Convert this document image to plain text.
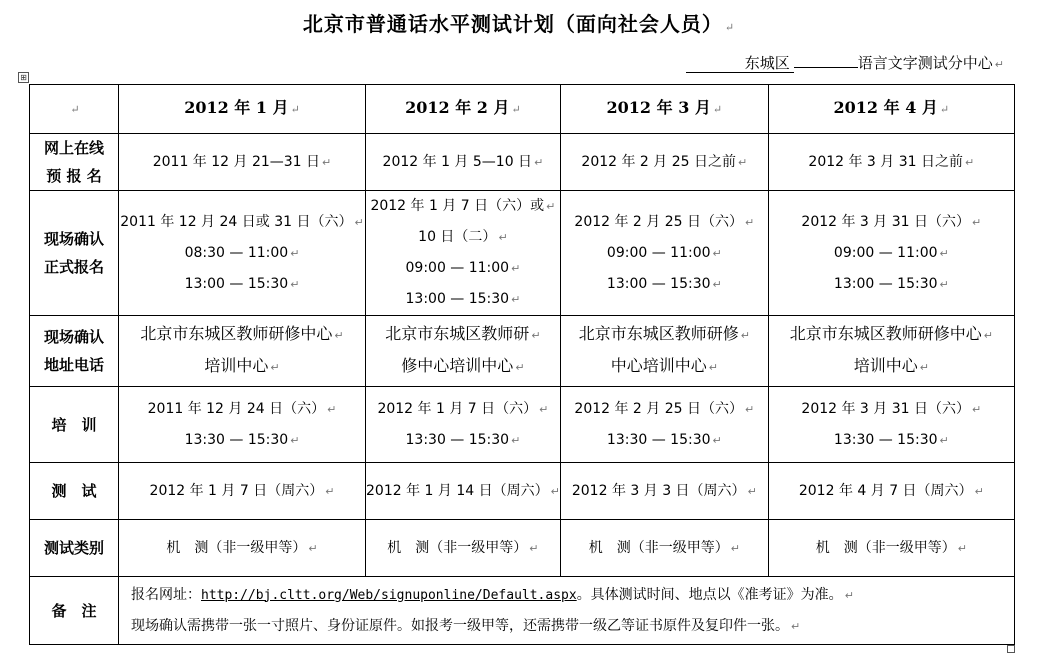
北京市普通话水平测试计划（面向社会人员） ↵
东城区	语言文字测试分中心 ↵
⊞
↵	2012 年 1 月 ↵	2012 年 2 月 ↵	2012 年 3 月 ↵	2012 年 4 月 ↵

网上在线
预 报 名	2011 年 12 月 21—31 日 ↵	2012 年 1 月 5—10 日 ↵	2012 年 2 月 25 日之前 ↵	2012 年 3 月 31 日之前 ↵

现场确认
正式报名	2011 年 12 月 24 日或 31 日（六） ↵
08:30 — 11:00 ↵
13:00 — 15:30 ↵	2012 年 1 月 7 日（六）或 ↵
10 日（二） ↵
09:00 — 11:00 ↵
13:00 — 15:30 ↵	2012 年 2 月 25 日（六） ↵
09:00 — 11:00 ↵
13:00 — 15:30 ↵	2012 年 3 月 31 日（六） ↵
09:00 — 11:00 ↵
13:00 — 15:30 ↵

现场确认
地址电话	北京市东城区教师研修中心 ↵
培训中心 ↵	北京市东城区教师研 ↵
修中心培训中心 ↵	北京市东城区教师研修 ↵
中心培训中心 ↵	北京市东城区教师研修中心 ↵
培训中心 ↵

培　训	2011 年 12 月 24 日（六） ↵
13:30 — 15:30 ↵	2012 年 1 月 7 日（六） ↵
13:30 — 15:30 ↵	2012 年 2 月 25 日（六） ↵
13:30 — 15:30 ↵	2012 年 3 月 31 日（六） ↵
13:30 — 15:30 ↵

测　试	2012 年 1 月 7 日（周六） ↵	2012 年 1 月 14 日（周六） ↵	2012 年 3 月 3 日（周六） ↵	2012 年 4 月 7 日（周六） ↵

测试类别	机　测（非一级甲等） ↵	机　测（非一级甲等） ↵	机　测（非一级甲等） ↵	机　测（非一级甲等） ↵

备　注	报名网址：http://bj.cltt.org/Web/signuponline/Default.aspx。具体测试时间、地点以《准考证》为准。 ↵
现场确认需携带一张一寸照片、身份证原件。如报考一级甲等，还需携带一级乙等证书原件及复印件一张。 ↵			
